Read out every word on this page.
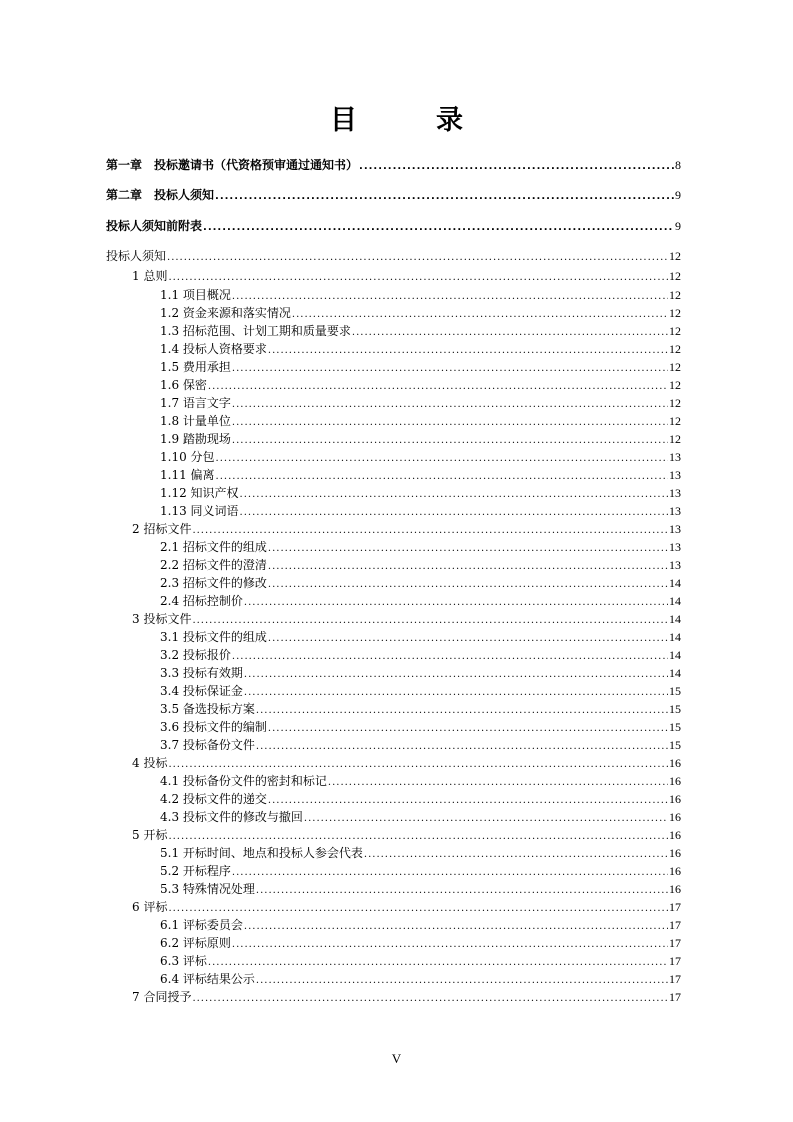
目　录
第一章　投标邀请书（代资格预审通过通知书） .....	8
第二章　投标人须知 .....	9
投标人须知前附表 .....	9
投标人须知 .....	12
1 总则 .....	12
1.1 项目概况 .....	12
1.2 资金来源和落实情况 .....	12
1.3 招标范围、计划工期和质量要求 .....	12
1.4 投标人资格要求 .....	12
1.5 费用承担 .....	12
1.6 保密 .....	12
1.7 语言文字 .....	12
1.8 计量单位 .....	12
1.9 踏勘现场 .....	12
1.10 分包 .....	13
1.11 偏离 .....	13
1.12 知识产权 .....	13
1.13 同义词语 .....	13
2 招标文件 .....	13
2.1 招标文件的组成 .....	13
2.2 招标文件的澄清 .....	13
2.3 招标文件的修改 .....	14
2.4 招标控制价 .....	14
3 投标文件 .....	14
3.1 投标文件的组成 .....	14
3.2 投标报价 .....	14
3.3 投标有效期 .....	14
3.4 投标保证金 .....	15
3.5 备选投标方案 .....	15
3.6 投标文件的编制 .....	15
3.7 投标备份文件 .....	15
4 投标 .....	16
4.1 投标备份文件的密封和标记 .....	16
4.2 投标文件的递交 .....	16
4.3 投标文件的修改与撤回 .....	16
5 开标 .....	16
5.1 开标时间、地点和投标人参会代表 .....	16
5.2 开标程序 .....	16
5.3 特殊情况处理 .....	16
6 评标 .....	17
6.1 评标委员会 .....	17
6.2 评标原则 .....	17
6.3 评标 .....	17
6.4 评标结果公示 .....	17
7 合同授予 .....	17
V
